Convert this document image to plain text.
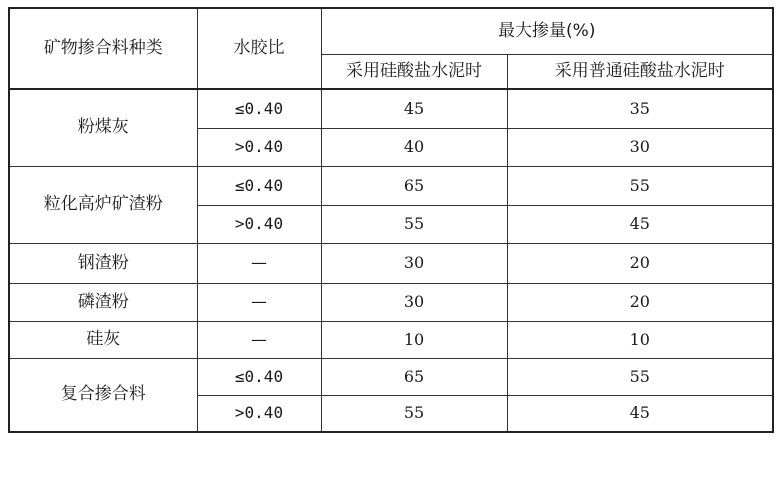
矿物掺合料种类	水胶比	最大掺量(%)	
		采用硅酸盐水泥时	采用普通硅酸盐水泥时
粉煤灰	≤0.40	45	35
	>0.40	40	30
粒化高炉矿渣粉	≤0.40	65	55
	>0.40	55	45
钢渣粉	—	30	20
磷渣粉	—	30	20
硅灰	—	10	10
复合掺合料	≤0.40	65	55
	>0.40	55	45
